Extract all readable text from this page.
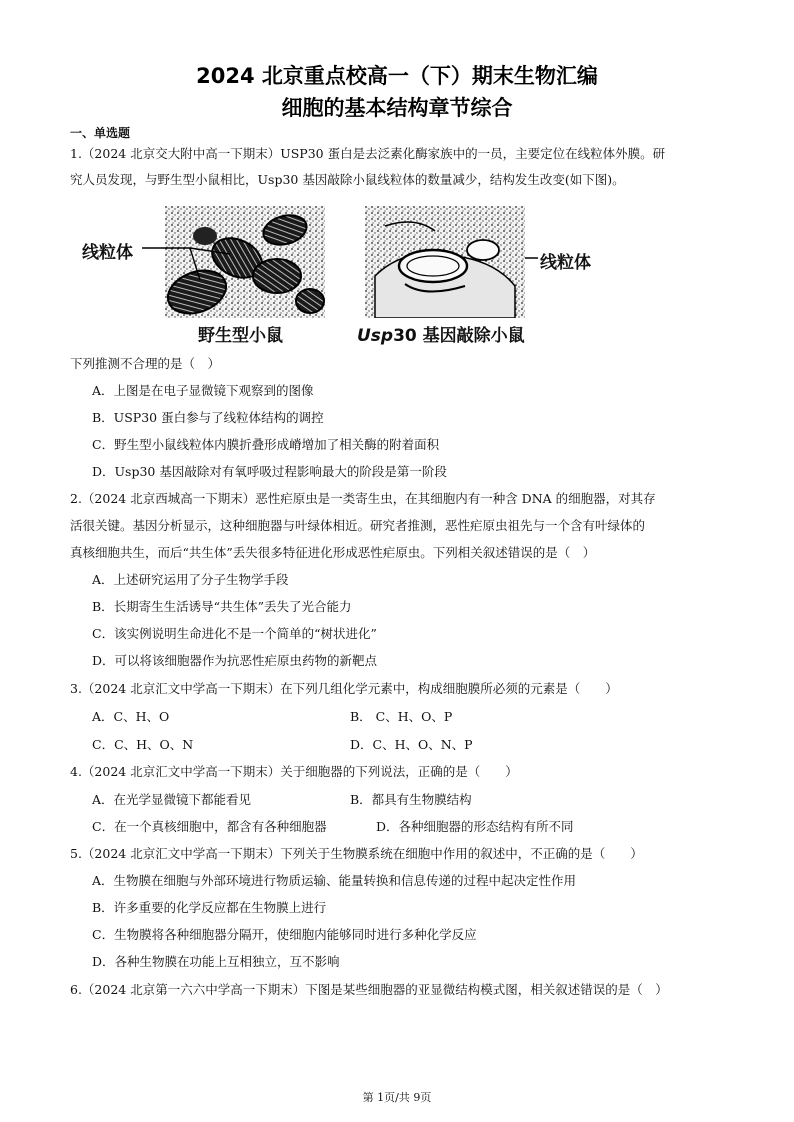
2024 北京重点校高一（下）期末生物汇编
细胞的基本结构章节综合
一、单选题
1.（2024 北京交大附中高一下期末）USP30 蛋白是去泛素化酶家族中的一员，主要定位在线粒体外膜。研
究人员发现，与野生型小鼠相比，Usp30 基因敲除小鼠线粒体的数量减少，结构发生改变(如下图)。
线粒体
野生型小鼠
线粒体
Usp30 基因敲除小鼠
下列推测不合理的是（　）
A．上图是在电子显微镜下观察到的图像
B．USP30 蛋白参与了线粒体结构的调控
C．野生型小鼠线粒体内膜折叠形成嵴增加了相关酶的附着面积
D．Usp30 基因敲除对有氧呼吸过程影响最大的阶段是第一阶段
2.（2024 北京西城高一下期末）恶性疟原虫是一类寄生虫，在其细胞内有一种含 DNA 的细胞器，对其存
活很关键。基因分析显示，这种细胞器与叶绿体相近。研究者推测，恶性疟原虫祖先与一个含有叶绿体的
真核细胞共生，而后“共生体”丢失很多特征进化形成恶性疟原虫。下列相关叙述错误的是（　）
A．上述研究运用了分子生物学手段
B．长期寄生生活诱导“共生体”丢失了光合能力
C．该实例说明生命进化不是一个简单的“树状进化”
D．可以将该细胞器作为抗恶性疟原虫药物的新靶点
3.（2024 北京汇文中学高一下期末）在下列几组化学元素中，构成细胞膜所必须的元素是（　　）
A．C、H、O	B． C、H、O、P
C．C、H、O、N	D．C、H、O、N、P
4.（2024 北京汇文中学高一下期末）关于细胞器的下列说法，正确的是（　　）
A．在光学显微镜下都能看见	B．都具有生物膜结构
C．在一个真核细胞中，都含有各种细胞器	D．各种细胞器的形态结构有所不同
5.（2024 北京汇文中学高一下期末）下列关于生物膜系统在细胞中作用的叙述中，不正确的是（　　）
A．生物膜在细胞与外部环境进行物质运输、能量转换和信息传递的过程中起决定性作用
B．许多重要的化学反应都在生物膜上进行
C．生物膜将各种细胞器分隔开，使细胞内能够同时进行多种化学反应
D．各种生物膜在功能上互相独立，互不影响
6.（2024 北京第一六六中学高一下期末）下图是某些细胞器的亚显微结构模式图，相关叙述错误的是（　）
第 1页/共 9页
